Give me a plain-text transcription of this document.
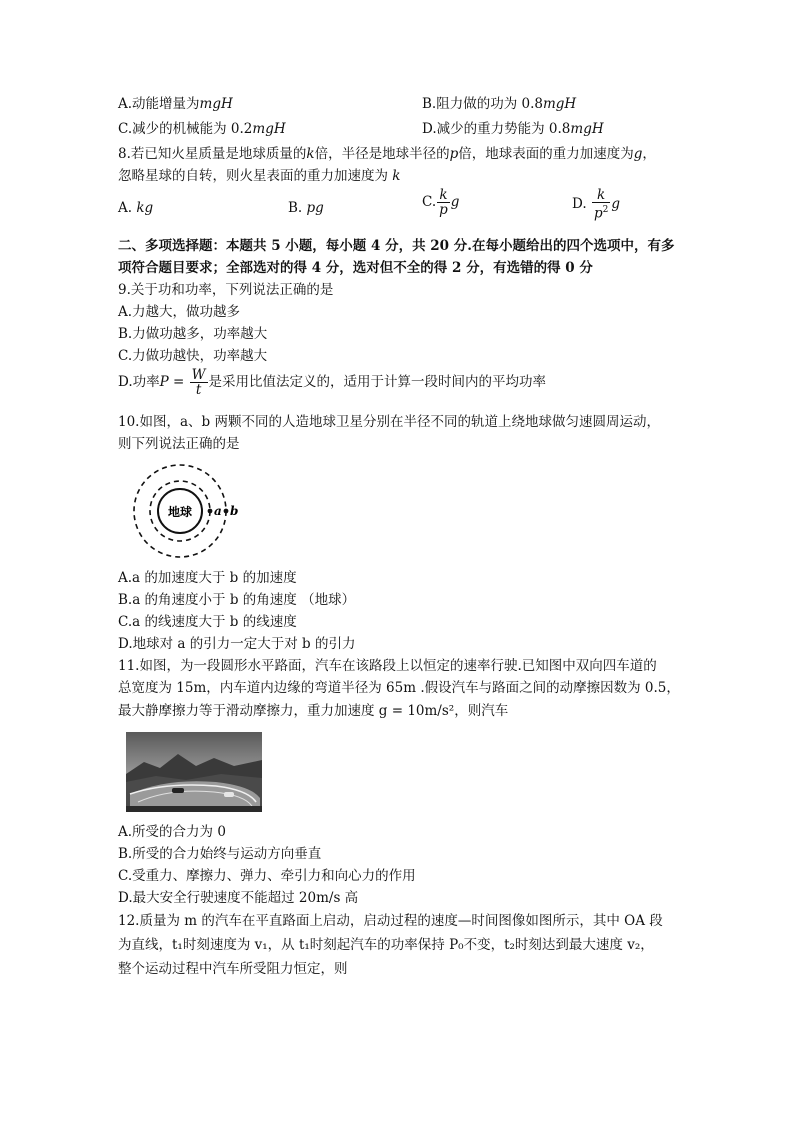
A.动能增量为mgH	B.阻力做的功为 0.8mgH
C.减少的机械能为 0.2mgH	D.减少的重力势能为 0.8mgH
8.若已知火星质量是地球质量的k倍，半径是地球半径的p倍，地球表面的重力加速度为g，
忽略星球的自转，则火星表面的重力加速度为 k
A. kg	B. pg	C. $\frac{k}{p}$ g	D. $\frac{k}{p^2}$ g
二、多项选择题：本题共 5 小题，每小题 4 分，共 20 分.在每小题给出的四个选项中，有多
项符合题目要求；全部选对的得 4 分，选对但不全的得 2 分，有选错的得 0 分
9.关于功和功率，下列说法正确的是
A.力越大，做功越多
B.力做功越多，功率越大
C.力做功越快，功率越大
D.功率$P = \frac{W}{t}$ 是采用比值法定义的，适用于计算一段时间内的平均功率
10.如图，a、b 两颗不同的人造地球卫星分别在半径不同的轨道上绕地球做匀速圆周运动，
则下列说法正确的是
地球 a b
A.a 的加速度大于 b 的加速度
B.a 的角速度小于 b 的角速度 （地球）
C.a 的线速度大于 b 的线速度
D.地球对 a 的引力一定大于对 b 的引力
11.如图，为一段圆形水平路面，汽车在该路段上以恒定的速率行驶.已知图中双向四车道的
总宽度为 15m，内车道内边缘的弯道半径为 65m .假设汽车与路面之间的动摩擦因数为 0.5，
最大静摩擦力等于滑动摩擦力，重力加速度 g = 10m/s²，则汽车
A.所受的合力为 0
B.所受的合力始终与运动方向垂直
C.受重力、摩擦力、弹力、牵引力和向心力的作用
D.最大安全行驶速度不能超过 20m/s 高
12.质量为 m 的汽车在平直路面上启动，启动过程的速度—时间图像如图所示，其中 OA 段
为直线，t₁时刻速度为 v₁，从 t₁时刻起汽车的功率保持 P₀不变，t₂时刻达到最大速度 v₂，
整个运动过程中汽车所受阻力恒定，则
